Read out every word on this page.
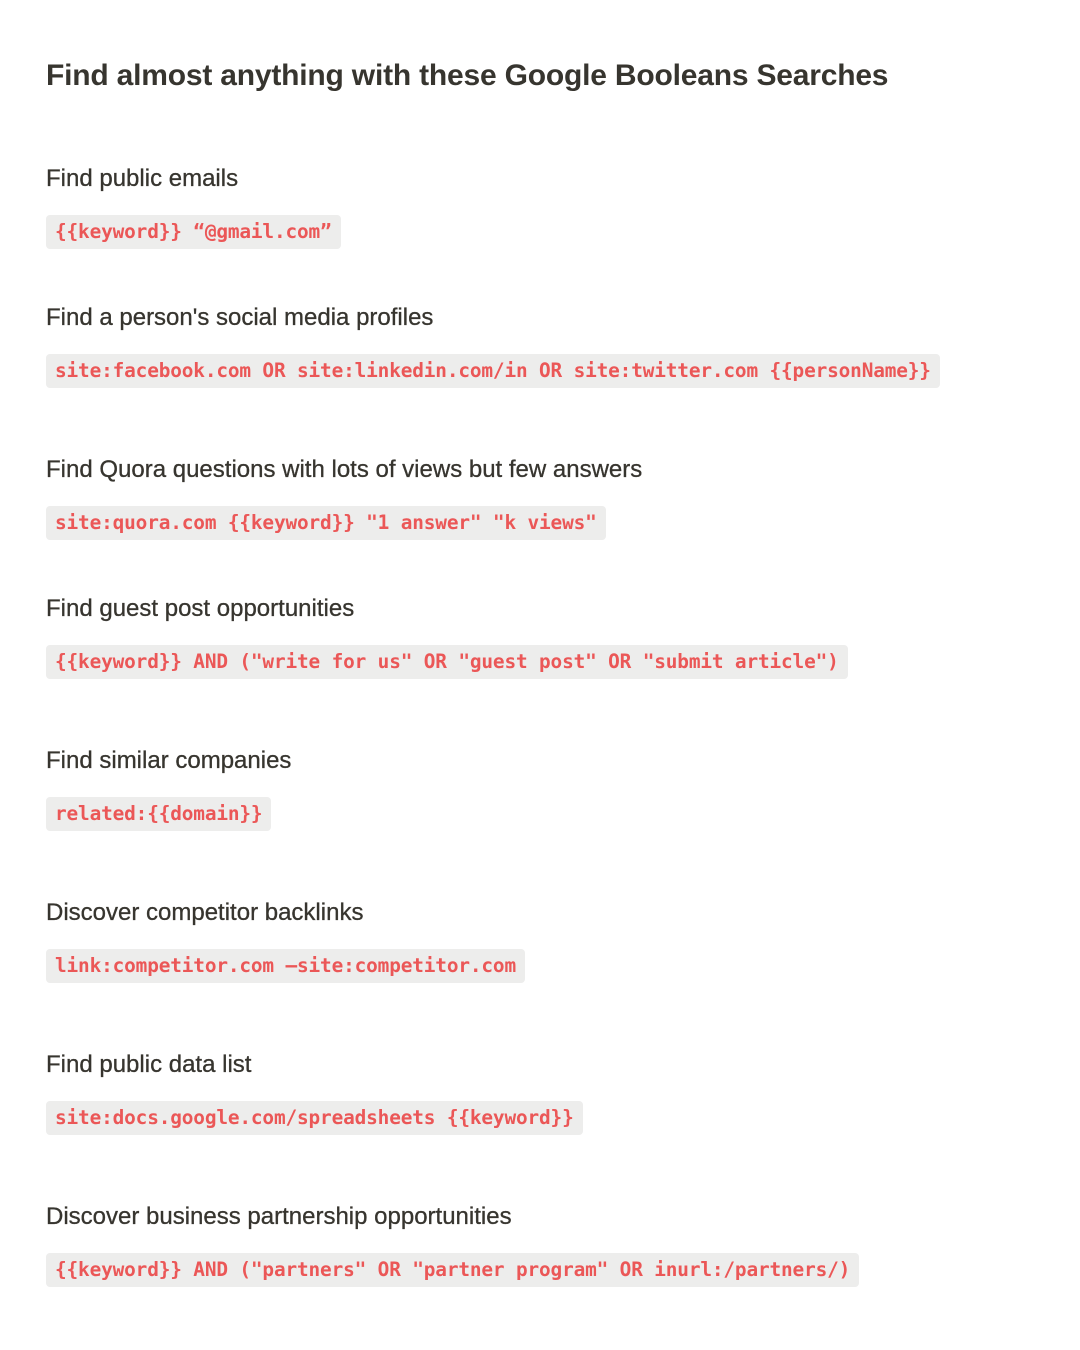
Find almost anything with these Google Booleans Searches
Find public emails
{{keyword}} “@gmail.com”
Find a person's social media profiles
site:facebook.com OR site:linkedin.com/in OR site:twitter.com {{personName}}
Find Quora questions with lots of views but few answers
site:quora.com {{keyword}} "1 answer" "k views"
Find guest post opportunities
{{keyword}} AND ("write for us" OR "guest post" OR "submit article")
Find similar companies
related:{{domain}}
Discover competitor backlinks
link:competitor.com –site:competitor.com
Find public data list
site:docs.google.com/spreadsheets {{keyword}}
Discover business partnership opportunities
{{keyword}} AND ("partners" OR "partner program" OR inurl:/partners/)
